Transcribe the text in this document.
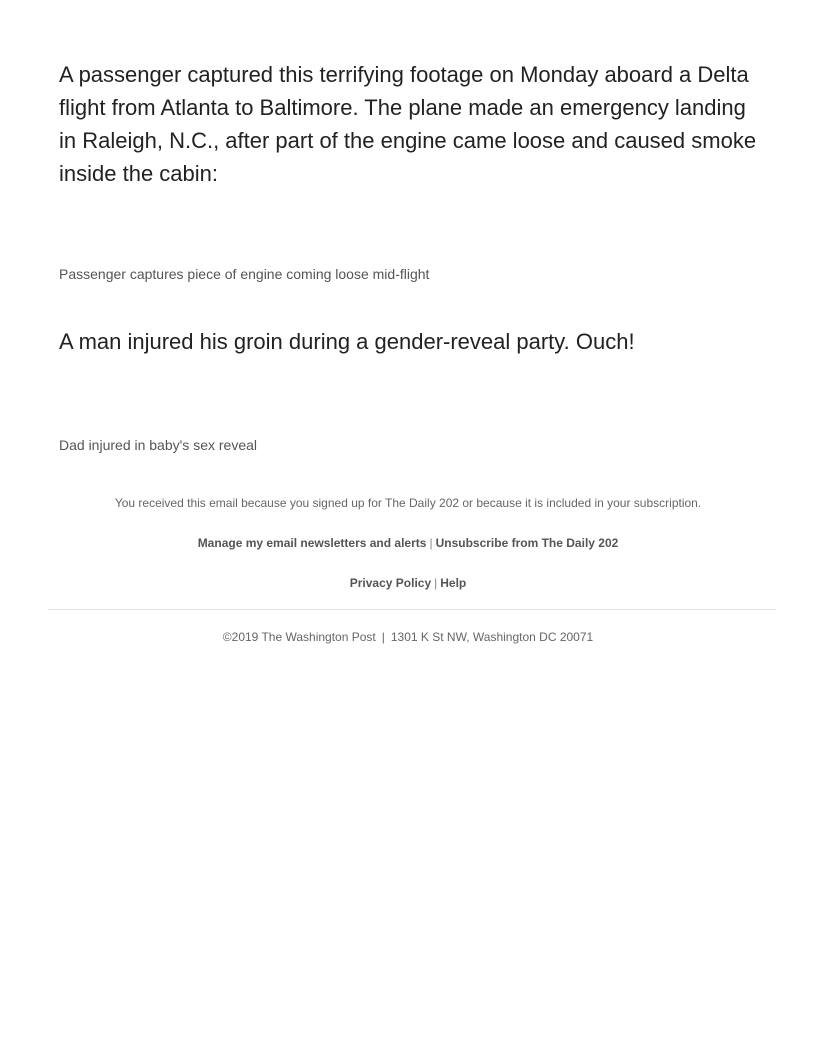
A passenger captured this terrifying footage on Monday aboard a Delta flight from Atlanta to Baltimore. The plane made an emergency landing in Raleigh, N.C., after part of the engine came loose and caused smoke inside the cabin:

Passenger captures piece of engine coming loose mid-flight

A man injured his groin during a gender-reveal party. Ouch!

Dad injured in baby's sex reveal

You received this email because you signed up for The Daily 202 or because it is included in your subscription.

Manage my email newsletters and alerts | Unsubscribe from The Daily 202

Privacy Policy | Help

©2019 The Washington Post | 1301 K St NW, Washington DC 20071
